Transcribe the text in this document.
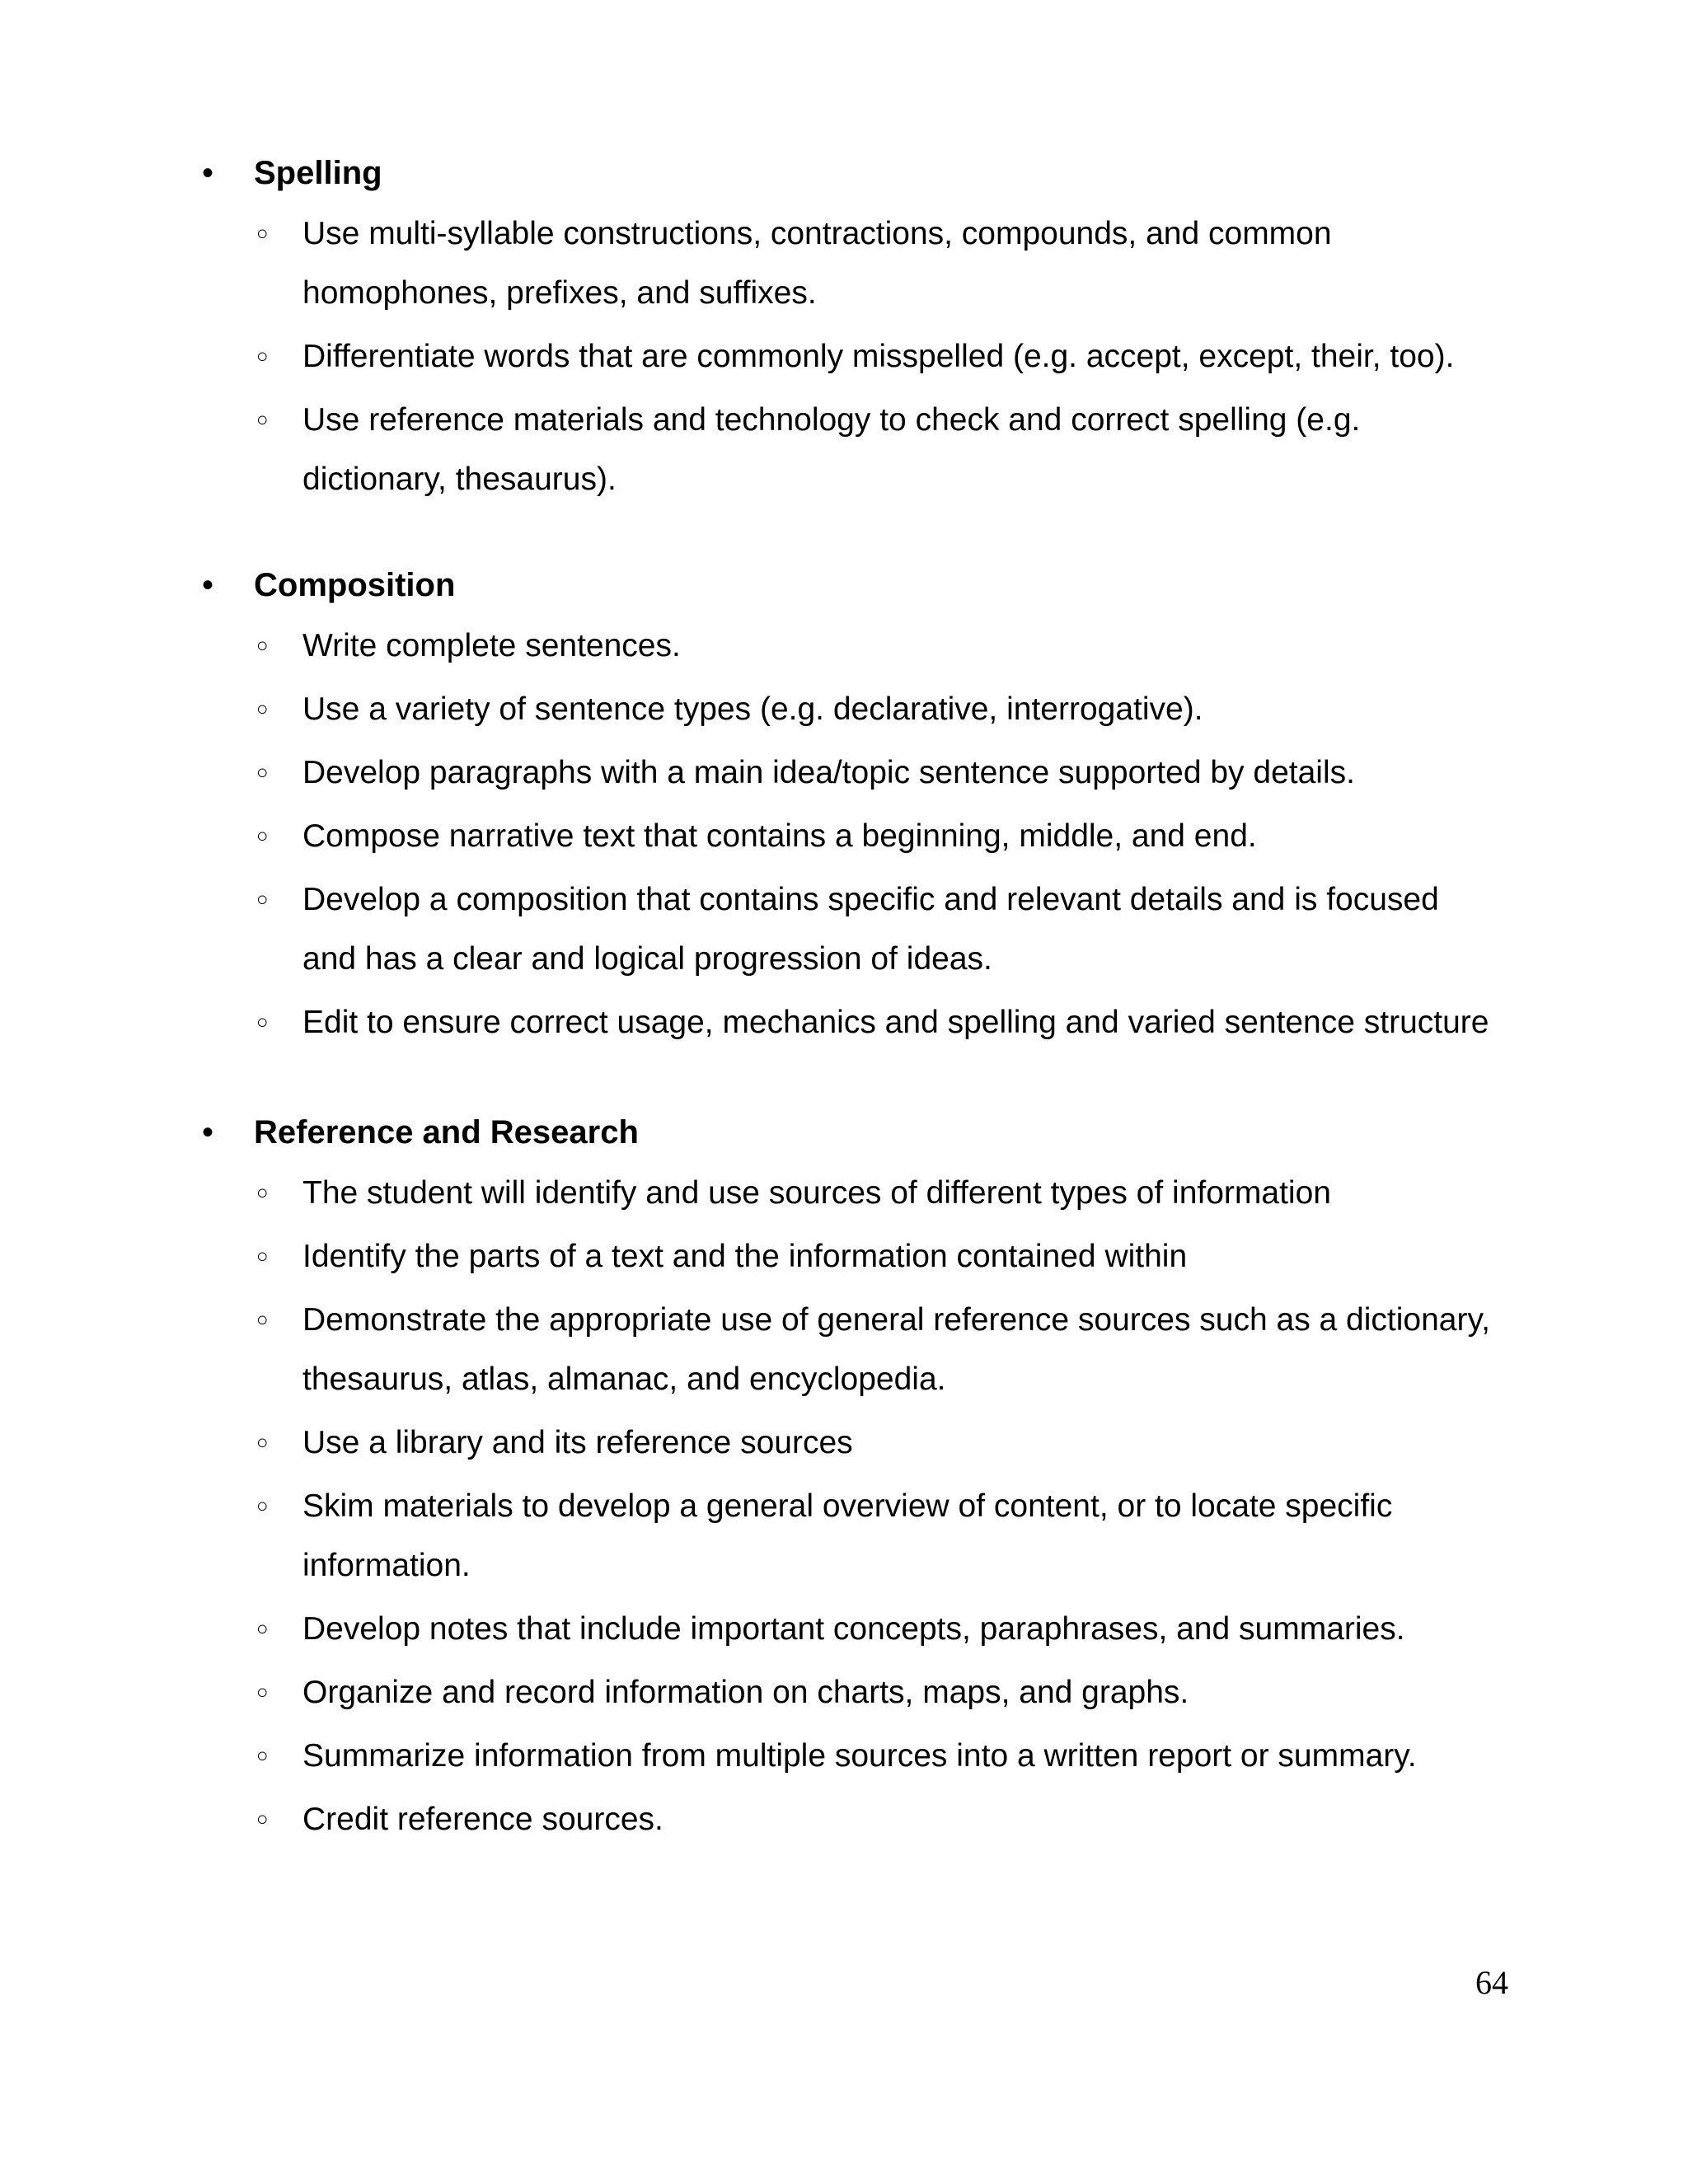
• Spelling
○ Use multi-syllable constructions, contractions, compounds, and common
homophones, prefixes, and suffixes.
○ Differentiate words that are commonly misspelled (e.g. accept, except, their, too).
○ Use reference materials and technology to check and correct spelling (e.g.
dictionary, thesaurus).
• Composition
○ Write complete sentences.
○ Use a variety of sentence types (e.g. declarative, interrogative).
○ Develop paragraphs with a main idea/topic sentence supported by details.
○ Compose narrative text that contains a beginning, middle, and end.
○ Develop a composition that contains specific and relevant details and is focused
and has a clear and logical progression of ideas.
○ Edit to ensure correct usage, mechanics and spelling and varied sentence structure
• Reference and Research
○ The student will identify and use sources of different types of information
○ Identify the parts of a text and the information contained within
○ Demonstrate the appropriate use of general reference sources such as a dictionary,
thesaurus, atlas, almanac, and encyclopedia.
○ Use a library and its reference sources
○ Skim materials to develop a general overview of content, or to locate specific
information.
○ Develop notes that include important concepts, paraphrases, and summaries.
○ Organize and record information on charts, maps, and graphs.
○ Summarize information from multiple sources into a written report or summary.
○ Credit reference sources.
64
